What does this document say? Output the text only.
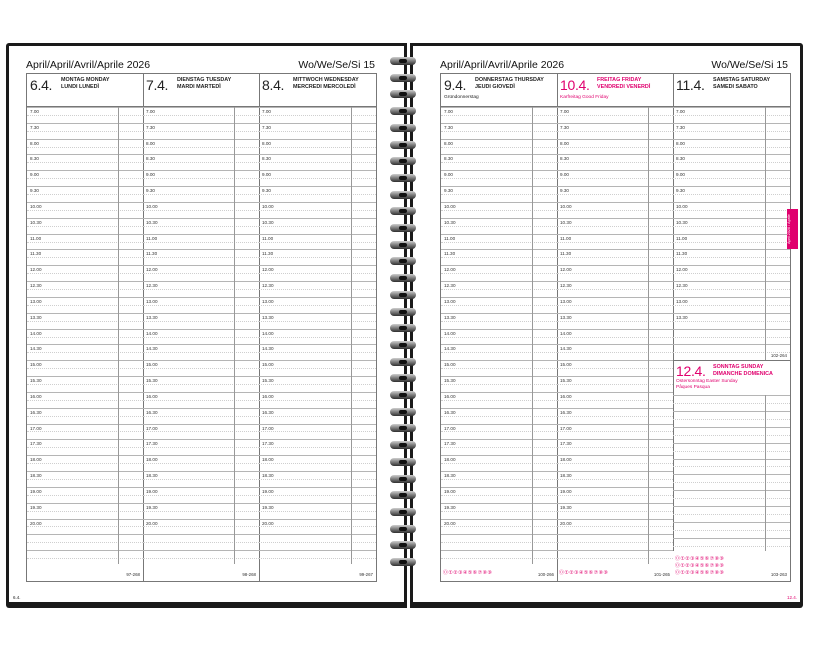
April/April/Avril/Aprile 2026	Wo/We/Se/Si 15
6.4. MONTAG MONDAY
LUNDI LUNEDÌ
7.00
7.30
8.00
8.30
9.00
9.30
10.00
10.30
11.00
11.30
12.00
12.30
13.00
13.30
14.00
14.30
15.00
15.30
16.00
16.30
17.00
17.30
18.00
18.30
19.00
19.30
20.00
97-268
7.4. DIENSTAG TUESDAY
MARDI MARTEDÌ
7.00
7.30
8.00
8.30
9.00
9.30
10.00
10.30
11.00
11.30
12.00
12.30
13.00
13.30
14.00
14.30
15.00
15.30
16.00
16.30
17.00
17.30
18.00
18.30
19.00
19.30
20.00
98-268
8.4. MITTWOCH WEDNESDAY
MERCREDI MERCOLEDÌ
7.00
7.30
8.00
8.30
9.00
9.30
10.00
10.30
11.00
11.30
12.00
12.30
13.00
13.30
14.00
14.30
15.00
15.30
16.00
16.30
17.00
17.30
18.00
18.30
19.00
19.30
20.00
99-267
6.4.
April/April/Avril/Aprile 2026	Wo/We/Se/Si 15
9.4. DONNERSTAG THURSDAY
JEUDI GIOVEDÌ
Gründonnerstag
7.00
7.30
8.00
8.30
9.00
9.30
10.00
10.30
11.00
11.30
12.00
12.30
13.00
13.30
14.00
14.30
15.00
15.30
16.00
16.30
17.00
17.30
18.00
18.30
19.00
19.30
20.00
100-266
⓪①②③④⑤⑥⑦⑧⑨
10.4. FREITAG FRIDAY
VENDREDI VENERDÌ
Karfreitag Good Friday
7.00
7.30
8.00
8.30
9.00
9.30
10.00
10.30
11.00
11.30
12.00
12.30
13.00
13.30
14.00
14.30
15.00
15.30
16.00
16.30
17.00
17.30
18.00
18.30
19.00
19.30
20.00
101-265
⓪①②③④⑤⑥⑦⑧⑨
11.4. SAMSTAG SATURDAY
SAMEDI SABATO
7.00
7.30
8.00
8.30
9.00
9.30
10.00
10.30
11.00
11.30
12.00
12.30
13.00
13.30
102-264
12.4. SONNTAG SUNDAY
DIMANCHE DOMENICA
Ostersonntag Easter Sunday
Pâques Pasqua
103-263
⓪①②③④⑤⑥⑦⑧⑨
⓪①②③④⑤⑥⑦⑧⑨
⓪①②③④⑤⑥⑦⑧⑨
12.4.
April 2026 / Aprile
